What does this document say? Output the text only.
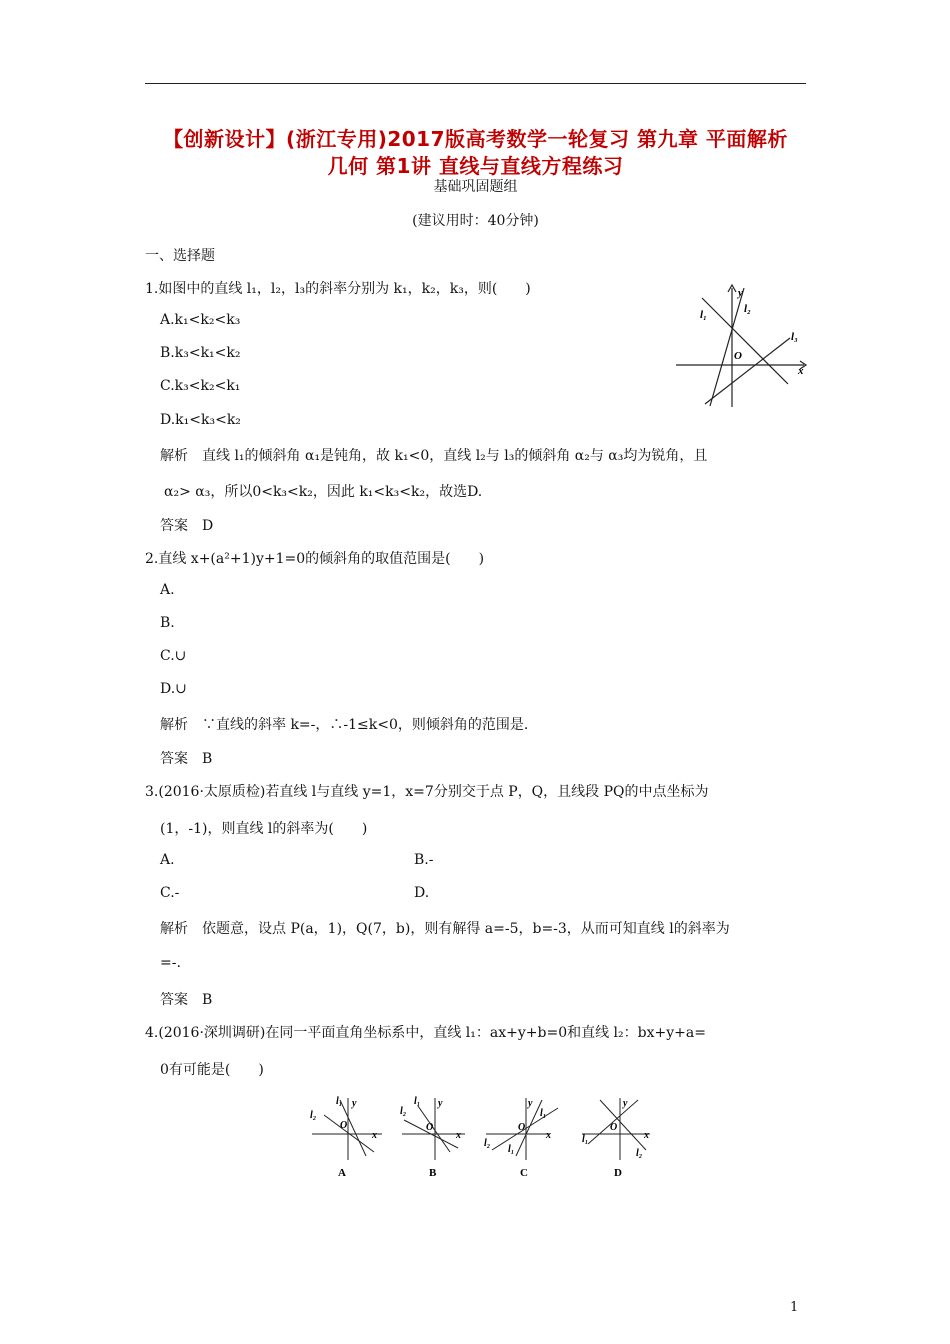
【创新设计】(浙江专用)2017版高考数学一轮复习 第九章 平面解析
几何 第1讲 直线与直线方程练习
基础巩固题组
(建议用时：40分钟)
一、选择题
1.如图中的直线 l₁，l₂，l₃的斜率分别为 k₁，k₂，k₃，则(　　)
A.k₁<k₂<k₃
B.k₃<k₁<k₂
C.k₃<k₂<k₁
D.k₁<k₃<k₂
y
l₂
l₁
l₃
O
x
解析　直线 l₁的倾斜角 α₁是钝角，故 k₁<0，直线 l₂与 l₃的倾斜角 α₂与 α₃均为锐角，且
α₂> α₃，所以0<k₃<k₂，因此 k₁<k₃<k₂，故选D.
答案　D
2.直线 x+(a²+1)y+1=0的倾斜角的取值范围是(　　)
A.
B.
C.∪
D.∪
解析　∵直线的斜率 k=-，∴-1≤k<0，则倾斜角的范围是.
答案　B
3.(2016·太原质检)若直线 l与直线 y=1，x=7分别交于点 P，Q，且线段 PQ的中点坐标为
(1，-1)，则直线 l的斜率为(　　)
A.	B.-
C.-	D.
解析　依题意，设点 P(a，1)，Q(7，b)，则有解得 a=-5，b=-3，从而可知直线 l的斜率为
=-.
答案　B
4.(2016·深圳调研)在同一平面直角坐标系中，直线 l₁：ax+y+b=0和直线 l₂：bx+y+a=
0有可能是(　　)
l₁ y
l₂
O
x
A
l₂
l₁ y
O
x
B
y
l₁
O
x
l₂
l₁
C
y
O
l₁	x
l₂
D
1
